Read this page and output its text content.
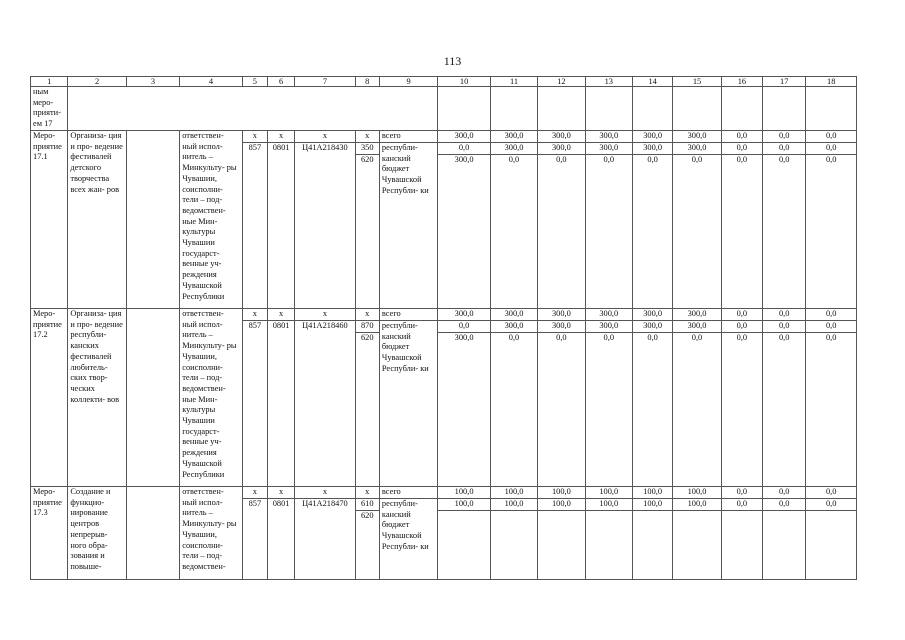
113
1	2	3	4	5	6	7	8	9	10	11	12	13	14	15	16	17	18
ным меро- прияти- ем 17																	
Меро- приятие 17.1	Организа- ция и про- ведение фестивалей детского творчества всех жан- ров		ответствен- ный испол- нитель – Минкульту- ры Чувашии, соисполни- тели – под- ведомствен- ные Мин- культуры Чувашии государст- венные уч- реждения Чувашской Республики	x	x	x	x	всего	300,0	300,0	300,0	300,0	300,0	300,0	0,0	0,0	0,0
				857	0801	Ц41А218430	350	республи- канский бюджет Чувашской Республи- ки	0,0	300,0	300,0	300,0	300,0	300,0	0,0	0,0	0,0
							620		300,0	0,0	0,0	0,0	0,0	0,0	0,0	0,0	0,0
Меро- приятие 17.2	Организа- ция и про- ведение республи- канских фестивалей любитель- ских твор- ческих коллекти- вов		ответствен- ный испол- нитель – Минкульту- ры Чувашии, соисполни- тели – под- ведомствен- ные Мин- культуры Чувашии государст- венные уч- реждения Чувашской Республики	x	x	x	x	всего	300,0	300,0	300,0	300,0	300,0	300,0	0,0	0,0	0,0
				857	0801	Ц41А218460	870	республи- канский бюджет Чувашской Республи- ки	0,0	300,0	300,0	300,0	300,0	300,0	0,0	0,0	0,0
							620		300,0	0,0	0,0	0,0	0,0	0,0	0,0	0,0	0,0
Меро- приятие 17.3	Создание и функцио- нирование центров непрерыв- ного обра- зования и повыше-		ответствен- ный испол- нитель – Минкульту- ры Чувашии, соисполни- тели – под- ведомствен-	x	x	x	x	всего	100,0	100,0	100,0	100,0	100,0	100,0	0,0	0,0	0,0
				857	0801	Ц41А218470	610	республи- канский бюджет Чувашской Республи- ки	100,0	100,0	100,0	100,0	100,0	100,0	0,0	0,0	0,0
							620										
